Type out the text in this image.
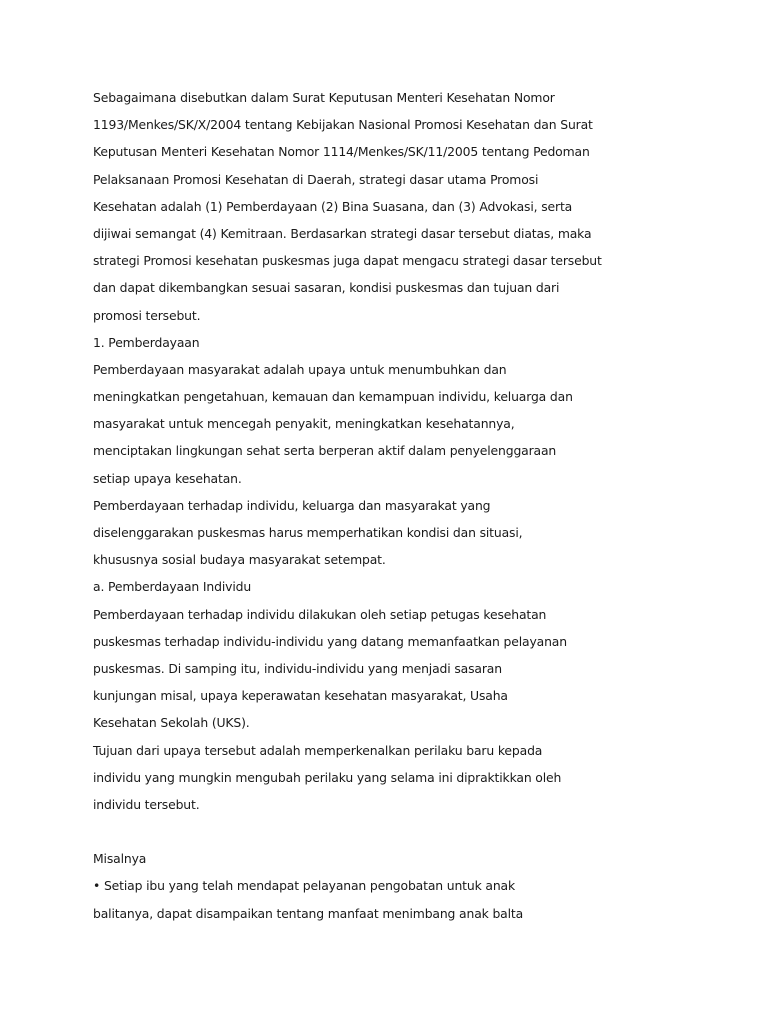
Sebagaimana disebutkan dalam Surat Keputusan Menteri Kesehatan Nomor
1193/Menkes/SK/X/2004 tentang Kebijakan Nasional Promosi Kesehatan dan Surat
Keputusan Menteri Kesehatan Nomor 1114/Menkes/SK/11/2005 tentang Pedoman
Pelaksanaan Promosi Kesehatan di Daerah, strategi dasar utama Promosi
Kesehatan adalah (1) Pemberdayaan (2) Bina Suasana, dan (3) Advokasi, serta
dijiwai semangat (4) Kemitraan. Berdasarkan strategi dasar tersebut diatas, maka
strategi Promosi kesehatan puskesmas juga dapat mengacu strategi dasar tersebut
dan dapat dikembangkan sesuai sasaran, kondisi puskesmas dan tujuan dari
promosi tersebut.
1. Pemberdayaan
Pemberdayaan masyarakat adalah upaya untuk menumbuhkan dan
meningkatkan pengetahuan, kemauan dan kemampuan individu, keluarga dan
masyarakat untuk mencegah penyakit, meningkatkan kesehatannya,
menciptakan lingkungan sehat serta berperan aktif dalam penyelenggaraan
setiap upaya kesehatan.
Pemberdayaan terhadap individu, keluarga dan masyarakat yang
diselenggarakan puskesmas harus memperhatikan kondisi dan situasi,
khususnya sosial budaya masyarakat setempat.
a. Pemberdayaan Individu
Pemberdayaan terhadap individu dilakukan oleh setiap petugas kesehatan
puskesmas terhadap individu-individu yang datang memanfaatkan pelayanan
puskesmas. Di samping itu, individu-individu yang menjadi sasaran
kunjungan misal, upaya keperawatan kesehatan masyarakat, Usaha
Kesehatan Sekolah (UKS).
Tujuan dari upaya tersebut adalah memperkenalkan perilaku baru kepada
individu yang mungkin mengubah perilaku yang selama ini dipraktikkan oleh
individu tersebut.
Misalnya
• Setiap ibu yang telah mendapat pelayanan pengobatan untuk anak
balitanya, dapat disampaikan tentang manfaat menimbang anak balta
